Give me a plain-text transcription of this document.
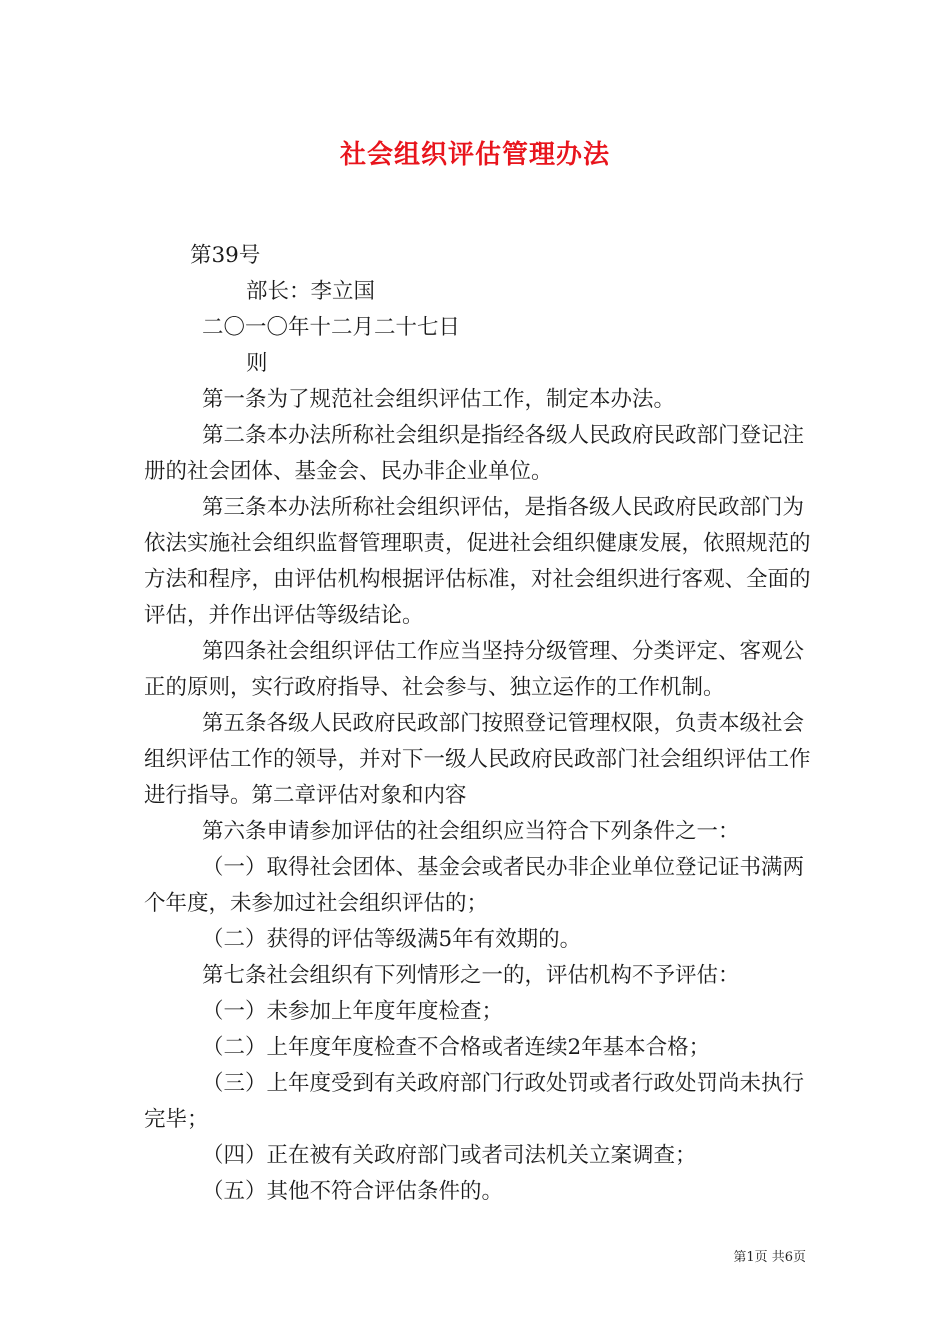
社会组织评估管理办法

第39号

部长：李立国

二〇一〇年十二月二十七日

则

第一条为了规范社会组织评估工作，制定本办法。

第二条本办法所称社会组织是指经各级人民政府民政部门登记注册的社会团体、基金会、民办非企业单位。

第三条本办法所称社会组织评估，是指各级人民政府民政部门为依法实施社会组织监督管理职责，促进社会组织健康发展，依照规范的方法和程序，由评估机构根据评估标准，对社会组织进行客观、全面的评估，并作出评估等级结论。

第四条社会组织评估工作应当坚持分级管理、分类评定、客观公正的原则，实行政府指导、社会参与、独立运作的工作机制。

第五条各级人民政府民政部门按照登记管理权限，负责本级社会组织评估工作的领导，并对下一级人民政府民政部门社会组织评估工作进行指导。第二章评估对象和内容

第六条申请参加评估的社会组织应当符合下列条件之一：

（一）取得社会团体、基金会或者民办非企业单位登记证书满两个年度，未参加过社会组织评估的；

（二）获得的评估等级满5年有效期的。

第七条社会组织有下列情形之一的，评估机构不予评估：

（一）未参加上年度年度检查；

（二）上年度年度检查不合格或者连续2年基本合格；

（三）上年度受到有关政府部门行政处罚或者行政处罚尚未执行完毕；

（四）正在被有关政府部门或者司法机关立案调查；

（五）其他不符合评估条件的。

第1页 共6页
